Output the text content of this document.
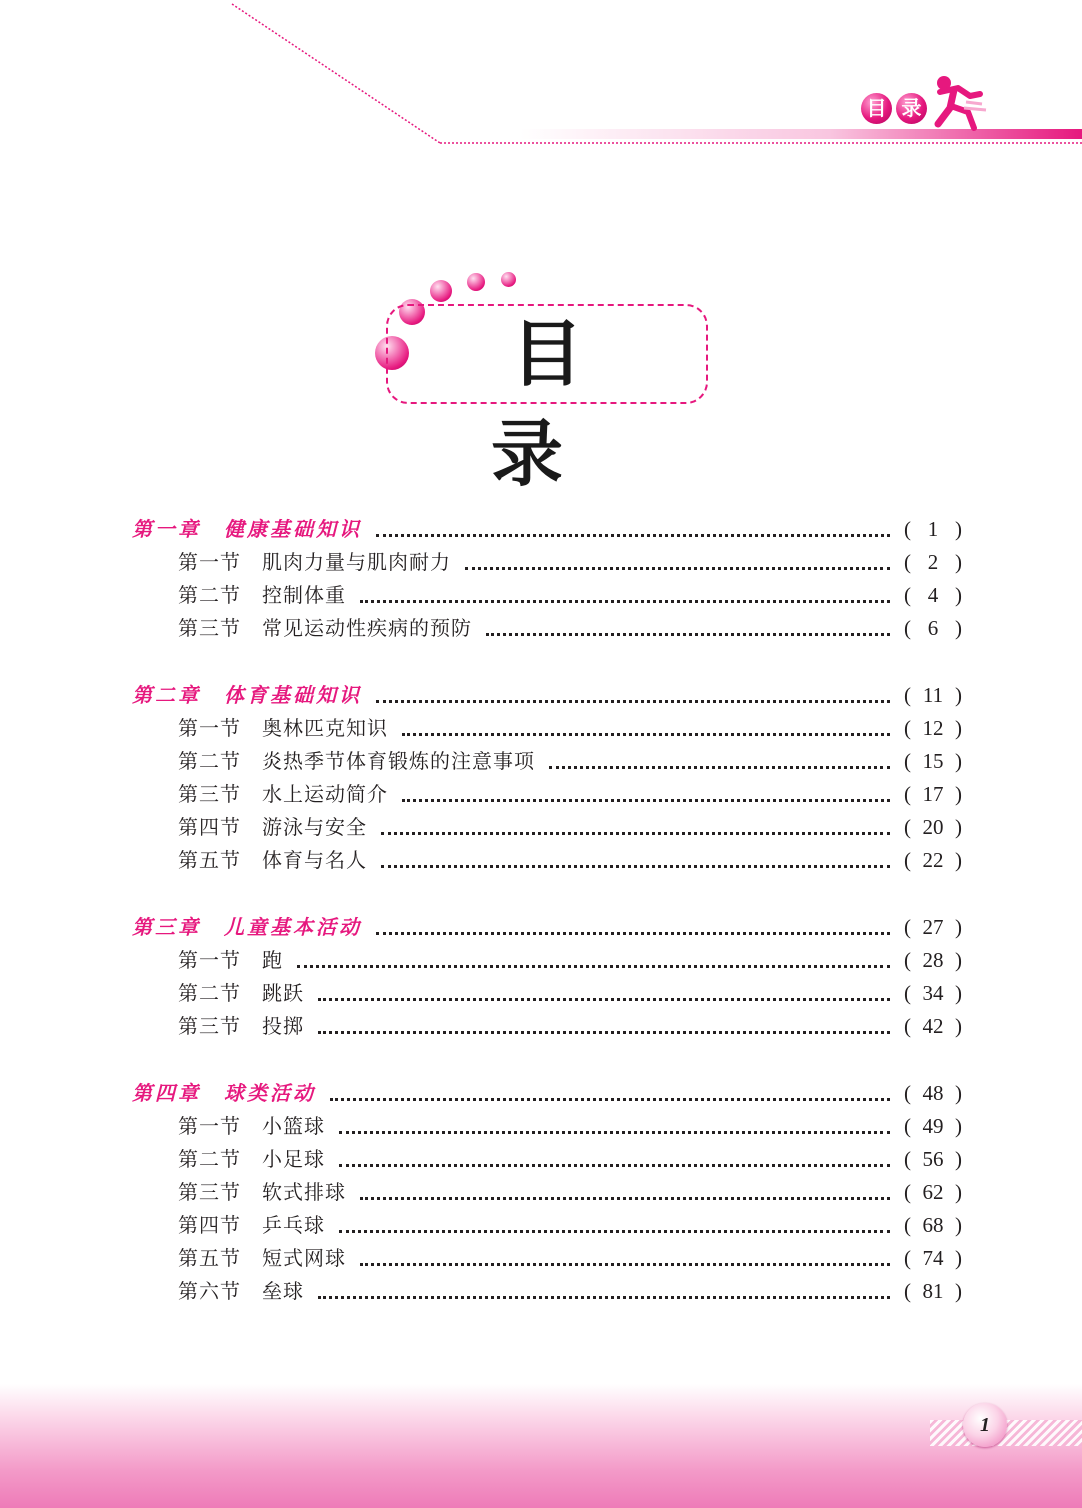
目 录
目 录
第一章　健康基础知识	( 1 )
第一节　肌肉力量与肌肉耐力	( 2 )
第二节　控制体重	( 4 )
第三节　常见运动性疾病的预防	( 6 )
第二章　体育基础知识	( 11 )
第一节　奥林匹克知识	( 12 )
第二节　炎热季节体育锻炼的注意事项	( 15 )
第三节　水上运动简介	( 17 )
第四节　游泳与安全	( 20 )
第五节　体育与名人	( 22 )
第三章　儿童基本活动	( 27 )
第一节　跑	( 28 )
第二节　跳跃	( 34 )
第三节　投掷	( 42 )
第四章　球类活动	( 48 )
第一节　小篮球	( 49 )
第二节　小足球	( 56 )
第三节　软式排球	( 62 )
第四节　乒乓球	( 68 )
第五节　短式网球	( 74 )
第六节　垒球	( 81 )
1
